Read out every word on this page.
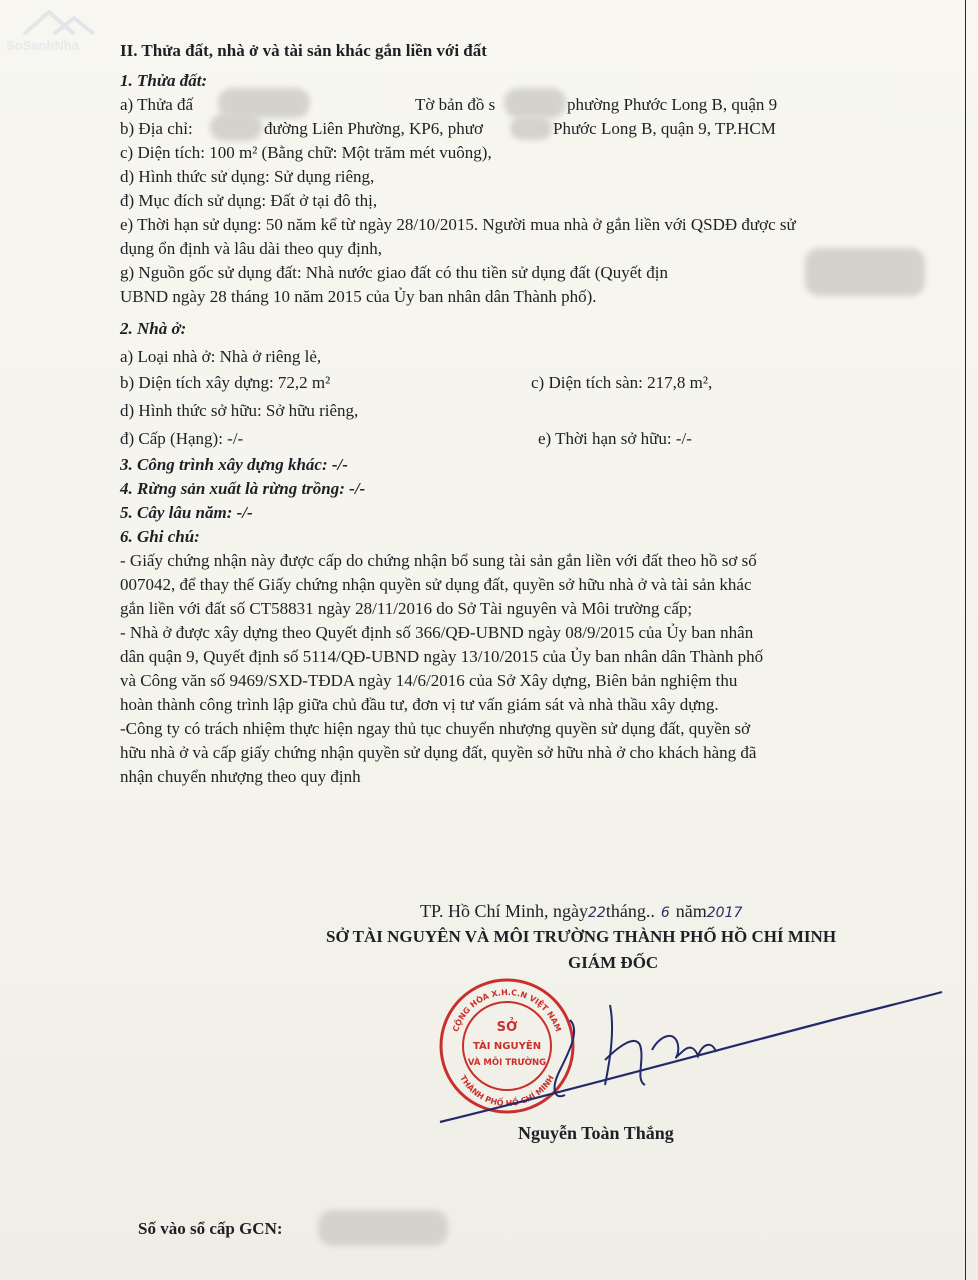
SoSanhNha II. Thửa đất, nhà ở và tài sản khác gắn liền với đất
1. Thửa đất:
a) Thửa đấ	Tờ bản đồ s	phường Phước Long B, quận 9
b) Địa chỉ:	đường Liên Phường, KP6, phươ	Phước Long B, quận 9, TP.HCM
c) Diện tích: 100 m² (Bằng chữ: Một trăm mét vuông),
d) Hình thức sử dụng: Sử dụng riêng,
đ) Mục đích sử dụng: Đất ở tại đô thị,
e) Thời hạn sử dụng: 50 năm kể từ ngày 28/10/2015. Người mua nhà ở gắn liền với QSDĐ được sử
dụng ổn định và lâu dài theo quy định,
g) Nguồn gốc sử dụng đất: Nhà nước giao đất có thu tiền sử dụng đất (Quyết địn
UBND ngày 28 tháng 10 năm 2015 của Ủy ban nhân dân Thành phố).
2. Nhà ở:
a) Loại nhà ở: Nhà ở riêng lẻ,
b) Diện tích xây dựng: 72,2 m²	c) Diện tích sàn: 217,8 m²,
d) Hình thức sở hữu: Sở hữu riêng,
đ) Cấp (Hạng): -/-	e) Thời hạn sở hữu: -/-
3. Công trình xây dựng khác: -/-
4. Rừng sản xuất là rừng trồng: -/-
5. Cây lâu năm: -/-
6. Ghi chú:
- Giấy chứng nhận này được cấp do chứng nhận bổ sung tài sản gắn liền với đất theo hồ sơ số
007042, để thay thế Giấy chứng nhận quyền sử dụng đất, quyền sở hữu nhà ở và tài sản khác
gắn liền với đất số CT58831 ngày 28/11/2016 do Sở Tài nguyên và Môi trường cấp;
- Nhà ở được xây dựng theo Quyết định số 366/QĐ-UBND ngày 08/9/2015 của Ủy ban nhân
dân quận 9, Quyết định số 5114/QĐ-UBND ngày 13/10/2015 của Ủy ban nhân dân Thành phố
và Công văn số 9469/SXD-TĐDA ngày 14/6/2016 của Sở Xây dựng, Biên bản nghiệm thu
hoàn thành công trình lập giữa chủ đầu tư, đơn vị tư vấn giám sát và nhà thầu xây dựng.
-Công ty có trách nhiệm thực hiện ngay thủ tục chuyển nhượng quyền sử dụng đất, quyền sở
hữu nhà ở và cấp giấy chứng nhận quyền sử dụng đất, quyền sở hữu nhà ở cho khách hàng đã
nhận chuyển nhượng theo quy định
TP. Hồ Chí Minh, ngày22tháng.. 6 năm2017
SỞ TÀI NGUYÊN VÀ MÔI TRƯỜNG THÀNH PHỐ HỒ CHÍ MINH
GIÁM ĐỐC
CỘNG HÒA X.H.C.N VIỆT NAM
THÀNH PHỐ HỒ CHÍ MINH
SỞ
TÀI NGUYÊN
VÀ MÔI TRƯỜNG
Nguyễn Toàn Thắng
Số vào sổ cấp GCN:
